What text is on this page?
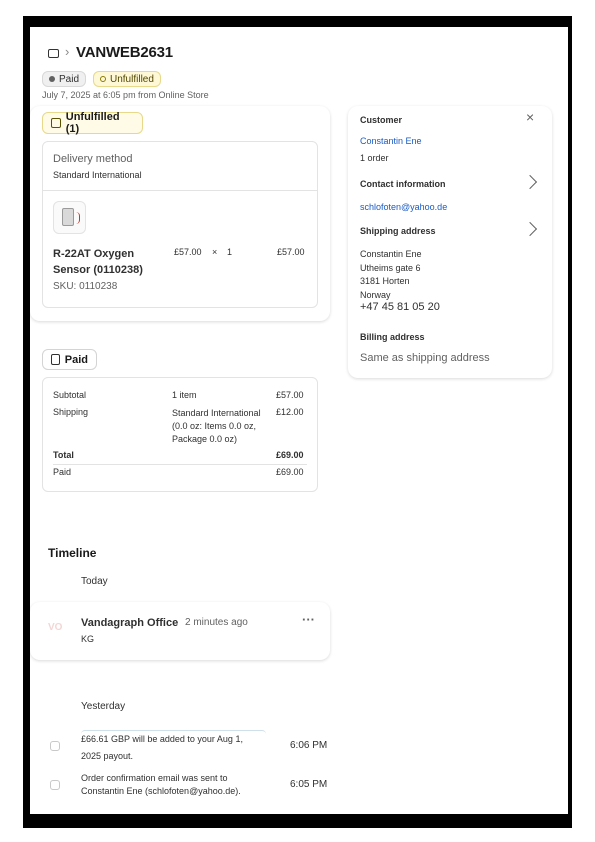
› VANWEB2631
Paid	Unfulfilled
July 7, 2025 at 6:05 pm from Online Store
Unfulfilled (1)
Delivery method
Standard International
R-22AT Oxygen
Sensor (0110238)
SKU: 0110238
£57.00 × 1	£57.00
Paid
Subtotal	1 item	£57.00
Shipping	Standard International
(0.0 oz: Items 0.0 oz,
Package 0.0 oz)
£12.00
Total	£69.00
Paid	£69.00
Timeline
Today
VO Vandagraph Office 2 minutes ago
KG
···
Yesterday
£66.61 GBP will be added to your Aug 1,
2025 payout.
6:06 PM
Order confirmation email was sent to
Constantin Ene (schlofoten@yahoo.de).
6:05 PM
Customer	×
Constantin Ene
1 order
Contact information
schlofoten@yahoo.de
Shipping address
Constantin Ene
Utheims gate 6
3181 Horten
Norway
+47 45 81 05 20
Billing address
Same as shipping address
